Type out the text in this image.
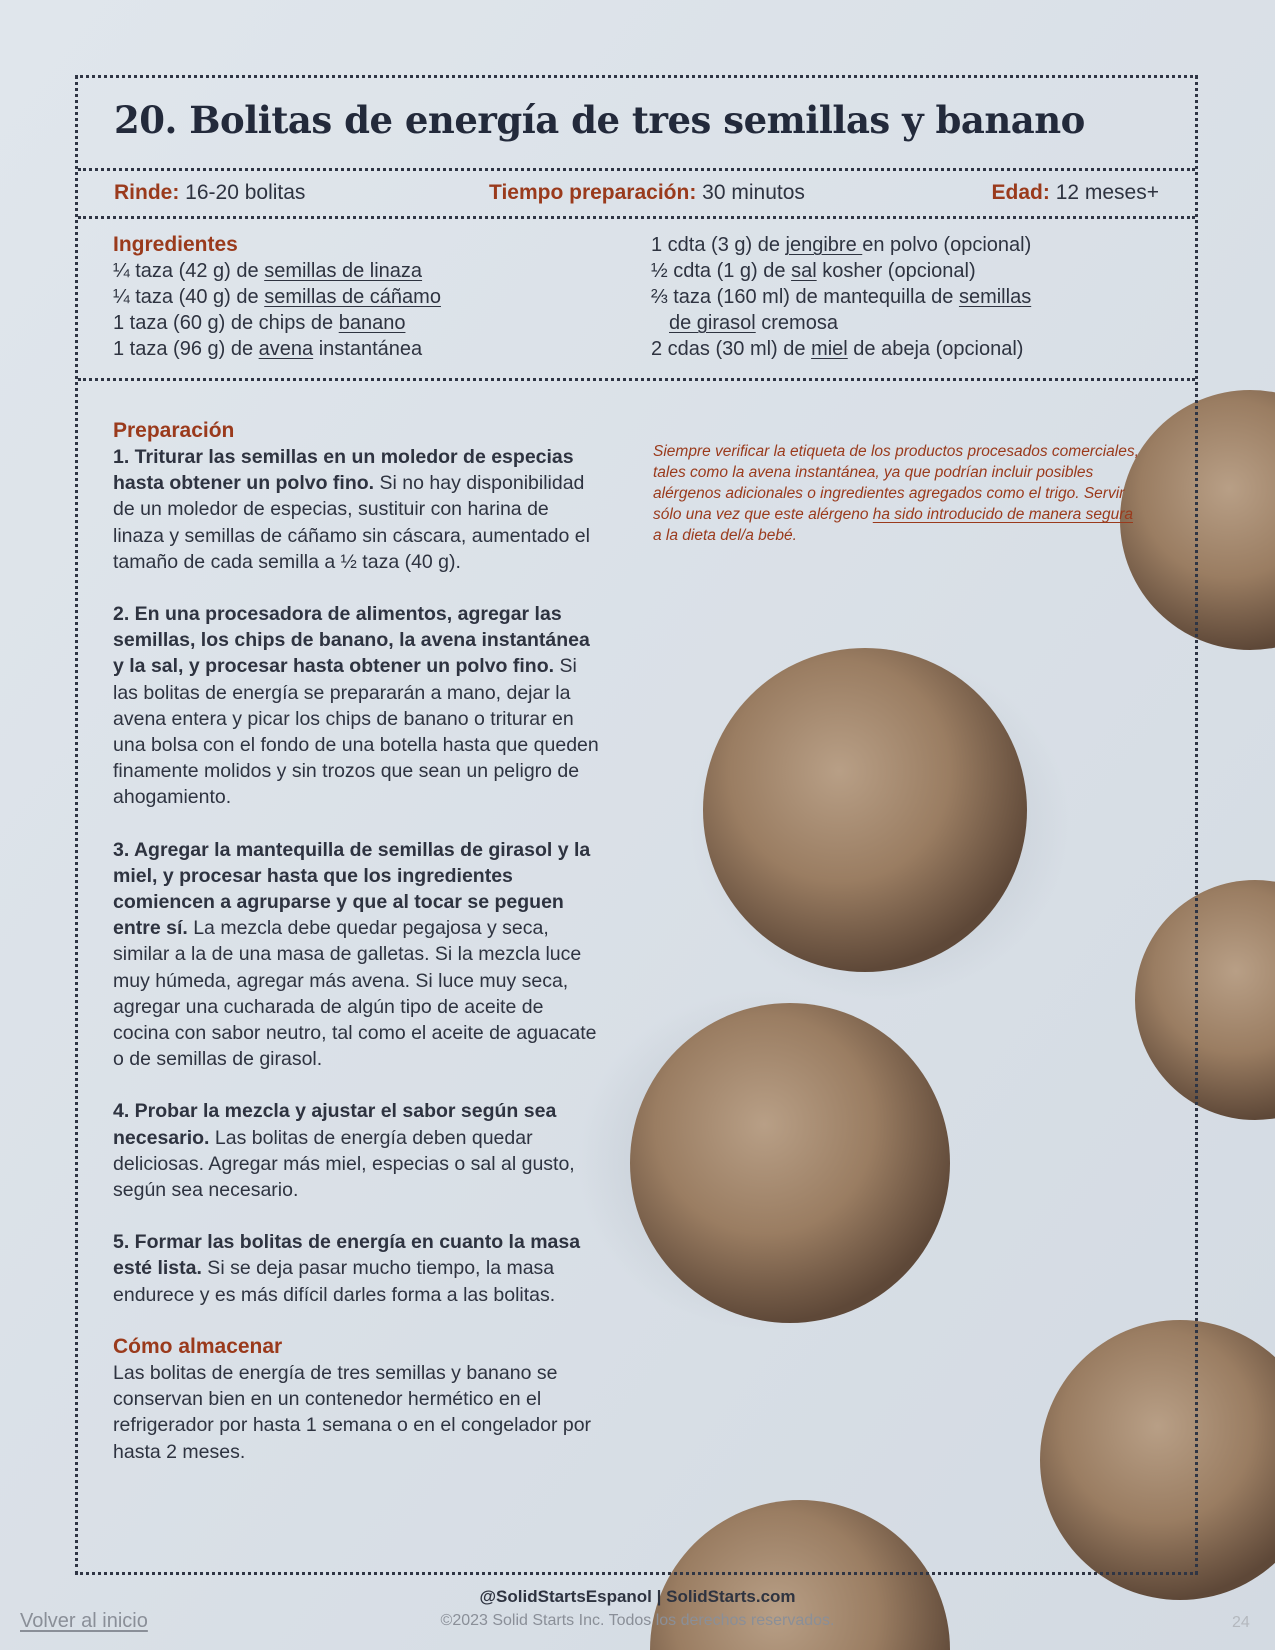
20. Bolitas de energía de tres semillas y banano
Rinde: 16-20 bolitas	Tiempo preparación: 30 minutos	Edad: 12 meses+
Ingredientes
¼ taza (42 g) de semillas de linaza
¼ taza (40 g) de semillas de cáñamo
1 taza (60 g) de chips de banano
1 taza (96 g) de avena instantánea
1 cdta (3 g) de jengibre en polvo (opcional)
½ cdta (1 g) de sal kosher (opcional)
⅔ taza (160 ml) de mantequilla de semillas
de girasol cremosa
2 cdas (30 ml) de miel de abeja (opcional)
Preparación

1. Triturar las semillas en un moledor de especias hasta obtener un polvo fino. Si no hay disponibilidad de un moledor de especias, sustituir con harina de linaza y semillas de cáñamo sin cáscara, aumentado el tamaño de cada semilla a ½ taza (40 g).

2. En una procesadora de alimentos, agregar las semillas, los chips de banano, la avena instantánea y la sal, y procesar hasta obtener un polvo fino. Si las bolitas de energía se prepararán a mano, dejar la avena entera y picar los chips de banano o triturar en una bolsa con el fondo de una botella hasta que queden finamente molidos y sin trozos que sean un peligro de ahogamiento.

3. Agregar la mantequilla de semillas de girasol y la miel, y procesar hasta que los ingredientes comiencen a agruparse y que al tocar se peguen entre sí. La mezcla debe quedar pegajosa y seca, similar a la de una masa de galletas. Si la mezcla luce muy húmeda, agregar más avena. Si luce muy seca, agregar una cucharada de algún tipo de aceite de cocina con sabor neutro, tal como el aceite de aguacate o de semillas de girasol.

4. Probar la mezcla y ajustar el sabor según sea necesario. Las bolitas de energía deben quedar deliciosas. Agregar más miel, especias o sal al gusto, según sea necesario.

5. Formar las bolitas de energía en cuanto la masa esté lista. Si se deja pasar mucho tiempo, la masa endurece y es más difícil darles forma a las bolitas.

Cómo almacenar
Las bolitas de energía de tres semillas y banano se conservan bien en un contenedor hermético en el refrigerador por hasta 1 semana o en el congelador por hasta 2 meses.
Siempre verificar la etiqueta de los productos procesados comerciales, tales como la avena instantánea, ya que podrían incluir posibles alérgenos adicionales o ingredientes agregados como el trigo. Servir sólo una vez que este alérgeno ha sido introducido de manera segura a la dieta del/a bebé.
@SolidStartsEspanol | SolidStarts.com
©2023 Solid Starts Inc. Todos los derechos reservados.
Volver al inicio	24
